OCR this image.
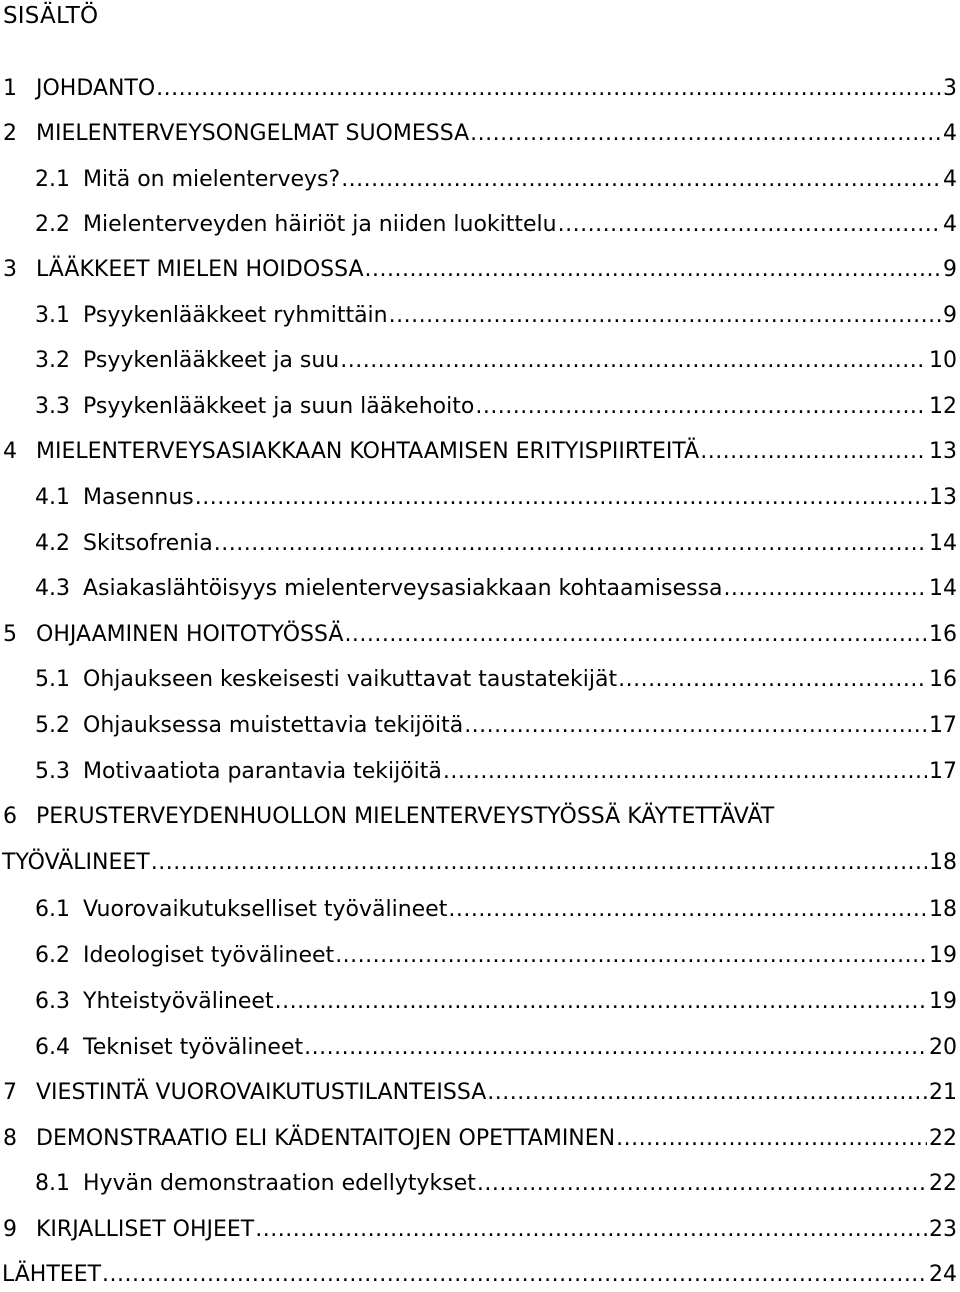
SISÄLTÖ
1 JOHDANTO .....	3
2 MIELENTERVEYSONGELMAT SUOMESSA .....	4
2.1 Mitä on mielenterveys? .....	4
2.2 Mielenterveyden häiriöt ja niiden luokittelu .....	4
3 LÄÄKKEET MIELEN HOIDOSSA .....	9
3.1 Psyykenlääkkeet ryhmittäin .....	9
3.2 Psyykenlääkkeet ja suu .....	10
3.3 Psyykenlääkkeet ja suun lääkehoito .....	12
4 MIELENTERVEYSASIAKKAAN KOHTAAMISEN ERITYISPIIRTEITÄ .....	13
4.1 Masennus .....	13
4.2 Skitsofrenia .....	14
4.3 Asiakaslähtöisyys mielenterveysasiakkaan kohtaamisessa .....	14
5 OHJAAMINEN HOITOTYÖSSÄ .....	16
5.1 Ohjaukseen keskeisesti vaikuttavat taustatekijät .....	16
5.2 Ohjauksessa muistettavia tekijöitä .....	17
5.3 Motivaatiota parantavia tekijöitä .....	17
6 PERUSTERVEYDENHUOLLON MIELENTERVEYSTYÖSSÄ KÄYTETTÄVÄT
TYÖVÄLINEET .....	18
6.1 Vuorovaikutukselliset työvälineet .....	18
6.2 Ideologiset työvälineet .....	19
6.3 Yhteistyövälineet .....	19
6.4 Tekniset työvälineet .....	20
7 VIESTINTÄ VUOROVAIKUTUSTILANTEISSA .....	21
8 DEMONSTRAATIO ELI KÄDENTAITOJEN OPETTAMINEN .....	22
8.1 Hyvän demonstraation edellytykset .....	22
9 KIRJALLISET OHJEET .....	23
LÄHTEET .....	24
